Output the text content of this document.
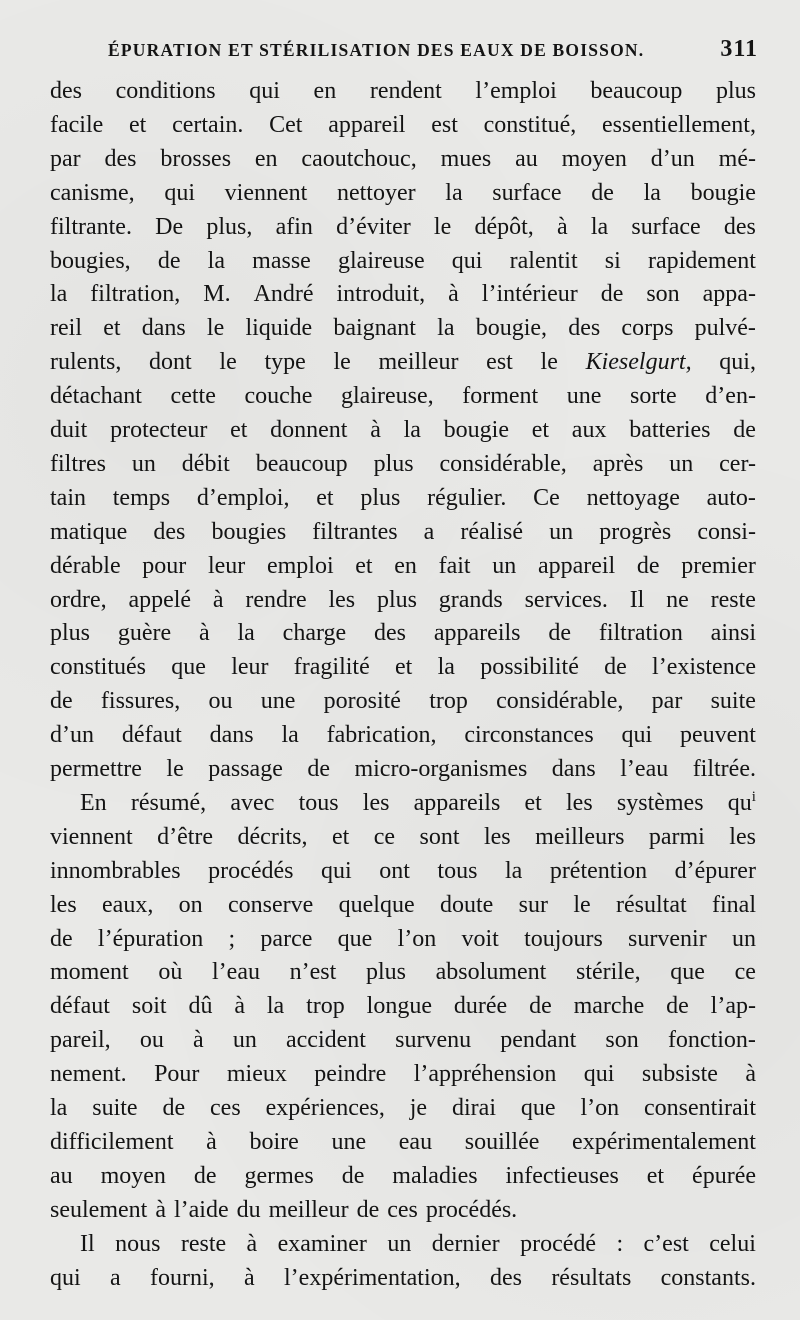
ÉPURATION ET STÉRILISATION DES EAUX DE BOISSON.	311
des conditions qui en rendent l’emploi beaucoup plus
facile et certain. Cet appareil est constitué, essentiellement,
par des brosses en caoutchouc, mues au moyen d’un mé-
canisme, qui viennent nettoyer la surface de la bougie
filtrante. De plus, afin d’éviter le dépôt, à la surface des
bougies, de la masse glaireuse qui ralentit si rapidement
la filtration, M. André introduit, à l’intérieur de son appa-
reil et dans le liquide baignant la bougie, des corps pulvé-
rulents, dont le type le meilleur est le Kieselgurt, qui,
détachant cette couche glaireuse, forment une sorte d’en-
duit protecteur et donnent à la bougie et aux batteries de
filtres un débit beaucoup plus considérable, après un cer-
tain temps d’emploi, et plus régulier. Ce nettoyage auto-
matique des bougies filtrantes a réalisé un progrès consi-
dérable pour leur emploi et en fait un appareil de premier
ordre, appelé à rendre les plus grands services. Il ne reste
plus guère à la charge des appareils de filtration ainsi
constitués que leur fragilité et la possibilité de l’existence
de fissures, ou une porosité trop considérable, par suite
d’un défaut dans la fabrication, circonstances qui peuvent
permettre le passage de micro-organismes dans l’eau filtrée.
En résumé, avec tous les appareils et les systèmes qu$^i$
viennent d’être décrits, et ce sont les meilleurs parmi les
innombrables procédés qui ont tous la prétention d’épurer
les eaux, on conserve quelque doute sur le résultat final
de l’épuration ; parce que l’on voit toujours survenir un
moment où l’eau n’est plus absolument stérile, que ce
défaut soit dû à la trop longue durée de marche de l’ap-
pareil, ou à un accident survenu pendant son fonction-
nement. Pour mieux peindre l’appréhension qui subsiste à
la suite de ces expériences, je dirai que l’on consentirait
difficilement à boire une eau souillée expérimentalement
au moyen de germes de maladies infectieuses et épurée
seulement à l’aide du meilleur de ces procédés.
Il nous reste à examiner un dernier procédé : c’est celui
qui a fourni, à l’expérimentation, des résultats constants.
